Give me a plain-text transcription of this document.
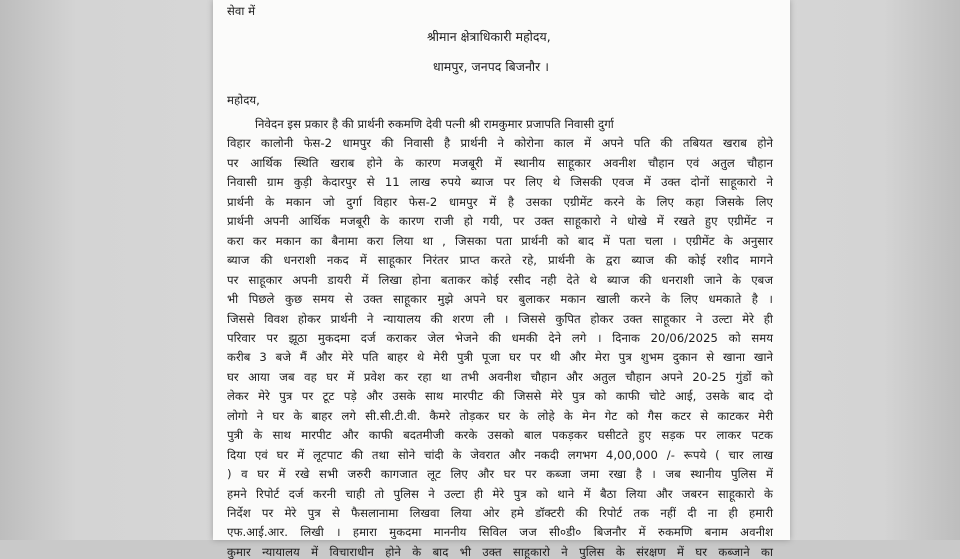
सेवा में
श्रीमान क्षेत्राधिकारी महोदय,
धामपुर, जनपद बिजनौर ।
महोदय,
निवेदन इस प्रकार है की प्रार्थनी रुकमणि देवी पत्नी श्री रामकुमार प्रजापति निवासी दुर्गा
विहार कालोनी फेस-2 धामपुर की निवासी है प्रार्थनी ने कोरोना काल में अपने पति की तबियत खराब होने
पर आर्थिक स्थिति खराब होने के कारण मजबूरी में स्थानीय साहूकार अवनीश चौहान एवं अतुल चौहान
निवासी ग्राम कुड़ी केदारपुर से 11 लाख रुपये ब्याज पर लिए थे जिसकी एवज में उक्त दोनों साहूकारो ने
प्रार्थनी के मकान जो दुर्गा विहार फेस-2 धामपुर में है उसका एग्रीमेंट करने के लिए कहा जिसके लिए
प्रार्थनी अपनी आर्थिक मजबूरी के कारण राजी हो गयी, पर उक्त साहूकारो ने धोखे में रखते हुए एग्रीमेंट न
करा कर मकान का बैनामा करा लिया था , जिसका पता प्रार्थनी को बाद में पता चला । एग्रीमेंट के अनुसार
ब्याज की धनराशी नकद में साहूकार निरंतर प्राप्त करते रहे, प्रार्थनी के द्वरा ब्याज की कोई रशीद मागने
पर साहूकार अपनी डायरी में लिखा होना बताकर कोई रसीद नही देते थे ब्याज की धनराशी जाने के एबज
भी पिछले कुछ समय से उक्त साहूकार मुझे अपने घर बुलाकर मकान खाली करने के लिए धमकाते है ।
जिससे विवश होकर प्रार्थनी ने न्यायालय की शरण ली । जिससे कुपित होकर उक्त साहूकार ने उल्टा मेरे ही
परिवार पर झूठा मुकदमा दर्ज कराकर जेल भेजने की धमकी देने लगे । दिनाक 20/06/2025 को समय
करीब 3 बजे मैं और मेरे पति बाहर थे मेरी पुत्री पूजा घर पर थी और मेरा पुत्र शुभम दुकान से खाना खाने
घर आया जब वह घर में प्रवेश कर रहा था तभी अवनीश चौहान और अतुल चौहान अपने 20-25 गुंडों को
लेकर मेरे पुत्र पर टूट पड़े और उसके साथ मारपीट की जिससे मेरे पुत्र को काफी चोटे आई, उसके बाद दो
लोगो ने घर के बाहर लगे सी.सी.टी.वी. कैमरे तोड़कर घर के लोहे के मेन गेट को गैस कटर से काटकर मेरी
पुत्री के साथ मारपीट और काफी बदतमीजी करके उसको बाल पकड़कर घसीटते हुए सड़क पर लाकर पटक
दिया एवं घर में लूटपाट की तथा सोने चांदी के जेवरात और नकदी लगभग 4,00,000 /- रूपये ( चार लाख
) व घर में रखे सभी जरुरी कागजात लूट लिए और घर पर कब्जा जमा रखा है । जब स्थानीय पुलिस में
हमने रिपोर्ट दर्ज करनी चाही तो पुलिस ने उल्टा ही मेरे पुत्र को थाने में बैठा लिया और जबरन साहूकारो के
निर्देश पर मेरे पुत्र से फैसलानामा लिखवा लिया ओर हमे डॉक्टरी की रिपोर्ट तक नहीं दी ना ही हमारी
एफ.आई.आर. लिखी । हमारा मुकदमा माननीय सिविल जज सी०डी० बिजनौर में रुकमणि बनाम अवनीश
कुमार न्यायालय में विचाराधीन होने के बाद भी उक्त साहूकारो ने पुलिस के संरक्षण में घर कब्जाने का
